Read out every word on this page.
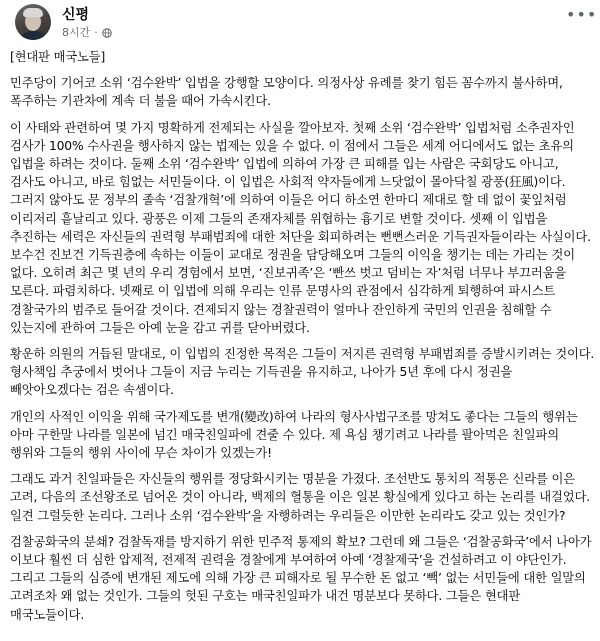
신평
8시간 ·
•••

[현대판 매국노들]

민주당이 기어코 소위 ‘검수완박’ 입법을 강행할 모양이다. 의정사상 유례를 찾기 힘든 꼼수까지 불사하며, 폭주하는 기관차에 계속 더 불을 때어 가속시킨다.

이 사태와 관련하여 몇 가지 명확하게 전제되는 사실을 깔아보자. 첫째 소위 ‘검수완박’ 입법처럼 소추권자인 검사가 100% 수사권을 행사하지 않는 법제는 있을 수 없다. 이 점에서 그들은 세계 어디에서도 없는 초유의 입법을 하려는 것이다. 둘째 소위 ‘검수완박’ 입법에 의하여 가장 큰 피해를 입는 사람은 국회당도 아니고, 검사도 아니고, 바로 힘없는 서민들이다. 이 입법은 사회적 약자들에게 느닷없이 몰아닥칠 광풍(狂風)이다. 그러지 않아도 문 정부의 졸속 ‘검찰개혁’에 의하여 이들은 어디 하소연 한마디 제대로 할 데 없이 꽃잎처럼 이리저리 흩날리고 있다. 광풍은 이제 그들의 존재자체를 위협하는 흉기로 변할 것이다. 셋째 이 입법을 추진하는 세력은 자신들의 권력형 부패범죄에 대한 처단을 회피하려는 뻔뻔스러운 기득권자들이라는 사실이다. 보수건 진보건 기득권층에 속하는 이들이 교대로 정권을 담당해오며 그들의 이익을 챙기는 데는 가리는 것이 없다. 오히려 최근 몇 년의 우리 경험에서 보면, ‘진보귀족’은 ‘빤쓰 벗고 덤비는 자’처럼 너무나 부끄러움을 모른다. 파렴치하다. 넷째로 이 입법에 의해 우리는 인류 문명사의 관점에서 심각하게 퇴행하여 파시스트 경찰국가의 범주로 들어갈 것이다. 견제되지 않는 경찰권력이 얼마나 잔인하게 국민의 인권을 침해할 수 있는지에 관하여 그들은 아예 눈을 감고 귀를 닫아버렸다.

황운하 의원의 거듭된 말대로, 이 입법의 진정한 목적은 그들이 저지른 권력형 부패범죄를 증발시키려는 것이다. 형사책임 추궁에서 벗어나 그들이 지금 누리는 기득권을 유지하고, 나아가 5년 후에 다시 정권을 빼앗아오겠다는 검은 속셈이다.

개인의 사적인 이익을 위해 국가제도를 변개(變改)하여 나라의 형사사법구조를 망쳐도 좋다는 그들의 행위는 아마 구한말 나라를 일본에 넘긴 매국친일파에 견줄 수 있다. 제 욕심 챙기려고 나라를 팔아먹은 친일파의 행위와 그들의 행위 사이에 무슨 차이가 있겠는가!

그래도 과거 친일파들은 자신들의 행위를 정당화시키는 명분을 가졌다. 조선반도 통치의 적통은 신라를 이은 고려, 다음의 조선왕조로 넘어온 것이 아니라, 백제의 혈통을 이은 일본 황실에게 있다고 하는 논리를 내걸었다. 일견 그럴듯한 논리다. 그러나 소위 ‘검수완박’을 자행하려는 우리들은 이만한 논리라도 갖고 있는 것인가?

검찰공화국의 분쇄? 검찰독재를 방지하기 위한 민주적 통제의 확보? 그런데 왜 그들은 ‘검찰공화국’에서 나아가 이보다 훨씬 더 심한 압제적, 전제적 권력을 경찰에게 부여하여 아예 ‘경찰제국’을 건설하려고 이 야단인가. 그리고 그들의 심증에 변개된 제도에 의해 가장 큰 피해자로 될 무수한 돈 없고 ‘빽’ 없는 서민들에 대한 일말의 고려조차 왜 없는 것인가. 그들의 헛된 구호는 매국친일파가 내건 명분보다 못하다. 그들은 현대판 매국노들이다.
